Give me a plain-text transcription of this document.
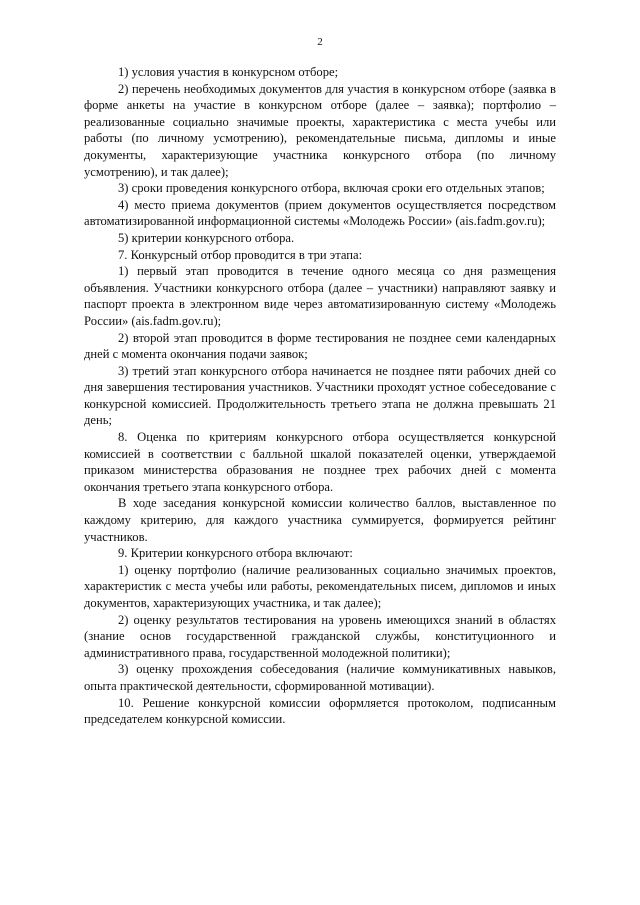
2

1) условия участия в конкурсном отборе;

2) перечень необходимых документов для участия в конкурсном отборе (заявка в форме анкеты на участие в конкурсном отборе (далее – заявка); портфолио – реализованные социально значимые проекты, характеристика с места учебы или работы (по личному усмотрению), рекомендательные письма, дипломы и иные документы, характеризующие участника конкурсного отбора (по личному усмотрению), и так далее);

3) сроки проведения конкурсного отбора, включая сроки его отдельных этапов;

4) место приема документов (прием документов осуществляется посредством автоматизированной информационной системы «Молодежь России» (ais.fadm.gov.ru);

5) критерии конкурсного отбора.

7. Конкурсный отбор проводится в три этапа:

1) первый этап проводится в течение одного месяца со дня размещения объявления. Участники конкурсного отбора (далее – участники) направляют заявку и паспорт проекта в электронном виде через автоматизированную систему «Молодежь России» (ais.fadm.gov.ru);

2) второй этап проводится в форме тестирования не позднее семи календарных дней с момента окончания подачи заявок;

3) третий этап конкурсного отбора начинается не позднее пяти рабочих дней со дня завершения тестирования участников. Участники проходят устное собеседование с конкурсной комиссией. Продолжительность третьего этапа не должна превышать 21 день;

8. Оценка по критериям конкурсного отбора осуществляется конкурсной комиссией в соответствии с балльной шкалой показателей оценки, утверждаемой приказом министерства образования не позднее трех рабочих дней с момента окончания третьего этапа конкурсного отбора.

В ходе заседания конкурсной комиссии количество баллов, выставленное по каждому критерию, для каждого участника суммируется, формируется рейтинг участников.

9. Критерии конкурсного отбора включают:

1) оценку портфолио (наличие реализованных социально значимых проектов, характеристик с места учебы или работы, рекомендательных писем, дипломов и иных документов, характеризующих участника, и так далее);

2) оценку результатов тестирования на уровень имеющихся знаний в областях (знание основ государственной гражданской службы, конституционного и административного права, государственной молодежной политики);

3) оценку прохождения собеседования (наличие коммуникативных навыков, опыта практической деятельности, сформированной мотивации).

10. Решение конкурсной комиссии оформляется протоколом, подписанным председателем конкурсной комиссии.
